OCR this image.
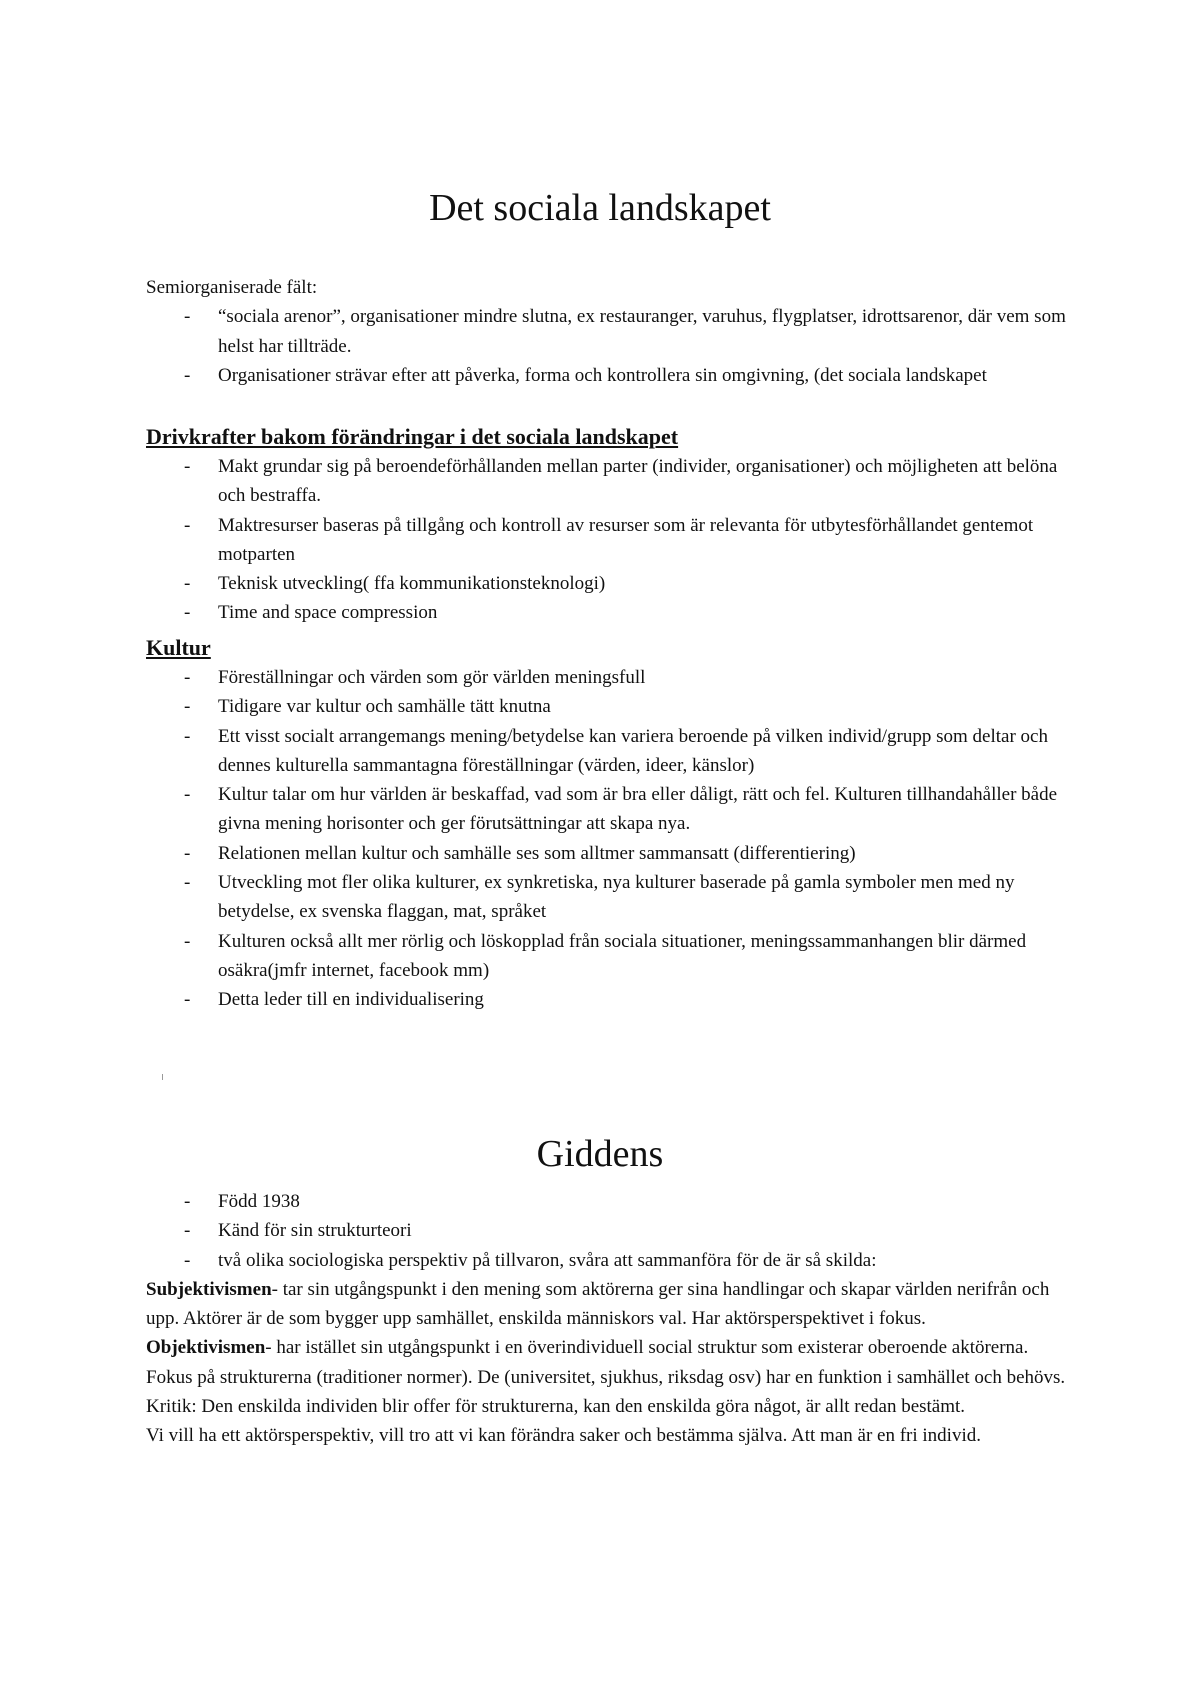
Det sociala landskapet

Semiorganiserade fält:

- “sociala arenor”, organisationer mindre slutna, ex restauranger, varuhus, flygplatser, idrottsarenor, där vem som helst har tillträde.
- Organisationer strävar efter att påverka, forma och kontrollera sin omgivning, (det sociala landskapet
Drivkrafter bakom förändringar i det sociala landskapet
- Makt grundar sig på beroendeförhållanden mellan parter (individer, organisationer) och möjligheten att belöna och bestraffa.
- Maktresurser baseras på tillgång och kontroll av resurser som är relevanta för utbytesförhållandet gentemot motparten
- Teknisk utveckling( ffa kommunikationsteknologi)
- Time and space compression
Kultur
- Föreställningar och värden som gör världen meningsfull
- Tidigare var kultur och samhälle tätt knutna
- Ett visst socialt arrangemangs mening/betydelse kan variera beroende på vilken individ/grupp som deltar och dennes kulturella sammantagna föreställningar (värden, ideer, känslor)
- Kultur talar om hur världen är beskaffad, vad som är bra eller dåligt, rätt och fel. Kulturen tillhandahåller både givna mening horisonter och ger förutsättningar att skapa nya.
- Relationen mellan kultur och samhälle ses som alltmer sammansatt (differentiering)
- Utveckling mot fler olika kulturer, ex synkretiska, nya kulturer baserade på gamla symboler men med ny betydelse, ex svenska flaggan, mat, språket
- Kulturen också allt mer rörlig och löskopplad från sociala situationer, meningssammanhangen blir därmed osäkra(jmfr internet, facebook mm)
- Detta leder till en individualisering
Giddens
- Född 1938
- Känd för sin strukturteori
- två olika sociologiska perspektiv på tillvaron, svåra att sammanföra för de är så skilda:

Subjektivismen- tar sin utgångspunkt i den mening som aktörerna ger sina handlingar och skapar världen nerifrån och upp. Aktörer är de som bygger upp samhället, enskilda människors val. Har aktörsperspektivet i fokus.

Objektivismen- har istället sin utgångspunkt i en överindividuell social struktur som existerar oberoende aktörerna. Fokus på strukturerna (traditioner normer). De (universitet, sjukhus, riksdag osv) har en funktion i samhället och behövs. Kritik: Den enskilda individen blir offer för strukturerna, kan den enskilda göra något, är allt redan bestämt.

Vi vill ha ett aktörsperspektiv, vill tro att vi kan förändra saker och bestämma själva. Att man är en fri individ.
